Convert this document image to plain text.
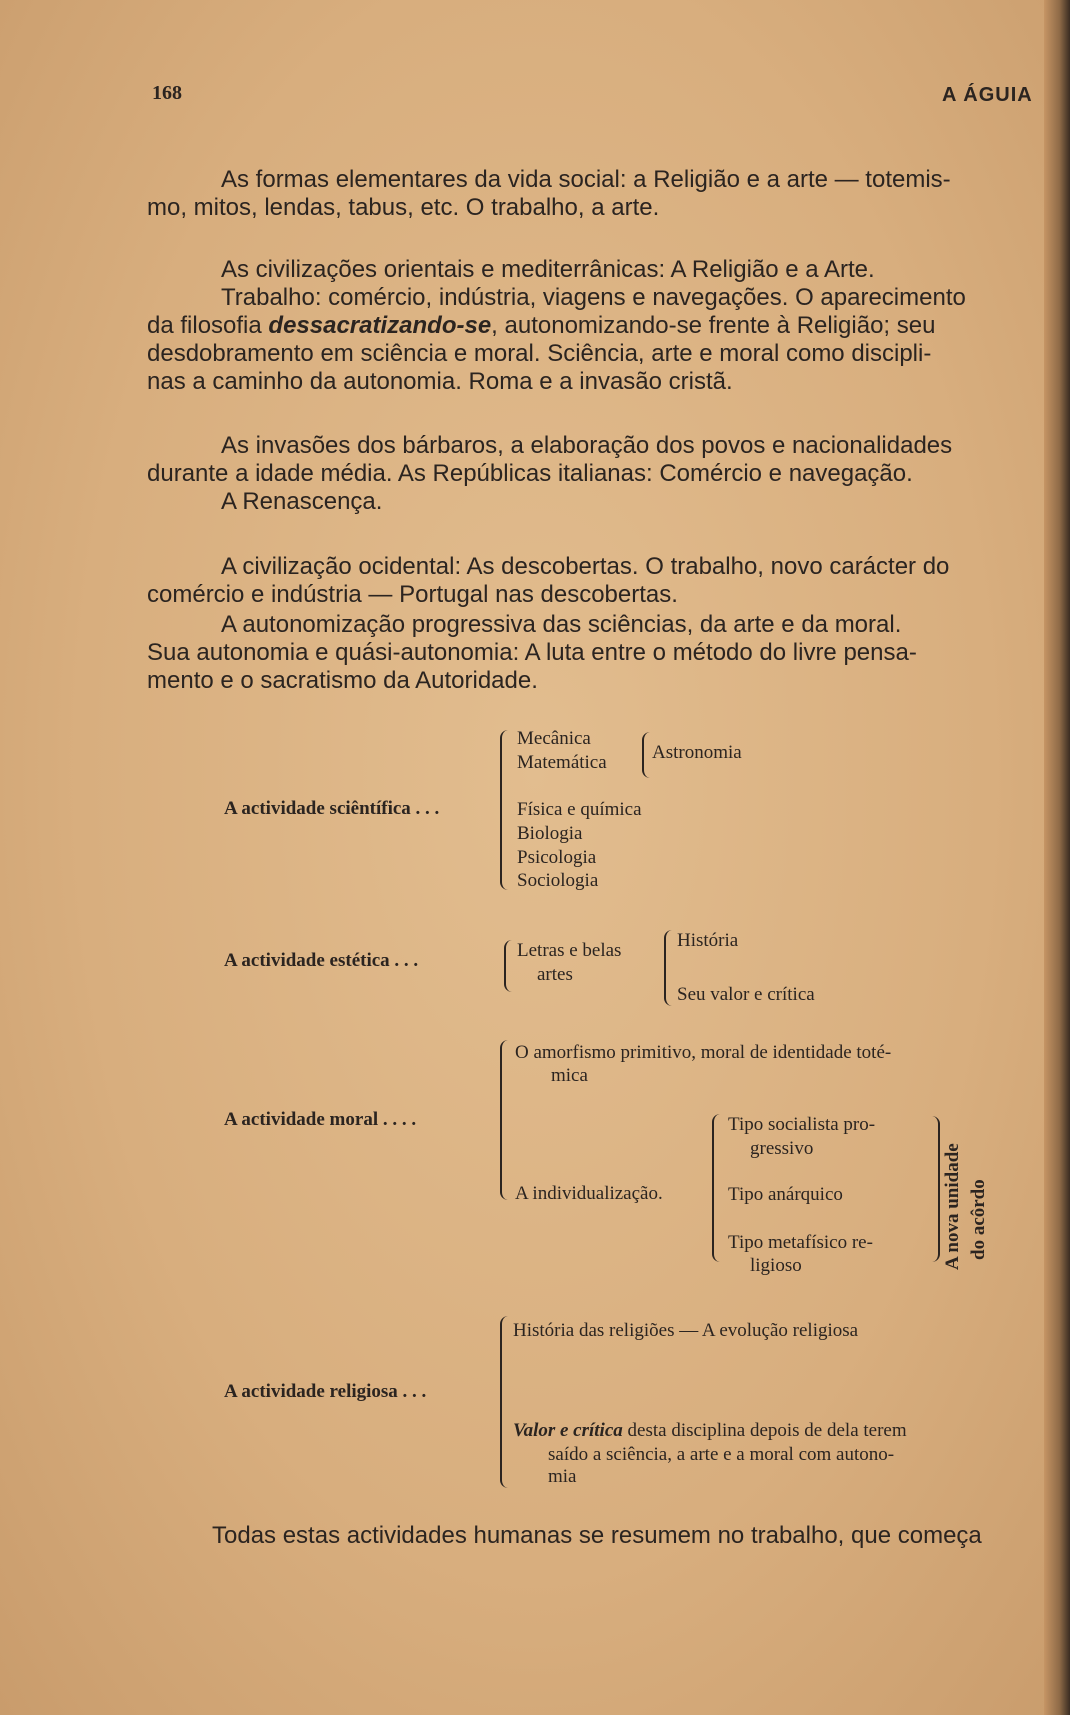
168	A ÁGUIA
As formas elementares da vida social: a Religião e a arte — totemis-
mo, mitos, lendas, tabus, etc. O trabalho, a arte.
As civilizações orientais e mediterrânicas: A Religião e a Arte.
Trabalho: comércio, indústria, viagens e navegações. O aparecimento
da filosofia dessacratizando-se, autonomizando-se frente à Religião; seu
desdobramento em sciência e moral. Sciência, arte e moral como discipli-
nas a caminho da autonomia. Roma e a invasão cristã.
As invasões dos bárbaros, a elaboração dos povos e nacionalidades
durante a idade média. As Repúblicas italianas: Comércio e navegação.
A Renascença.
A civilização ocidental: As descobertas. O trabalho, novo carácter do
comércio e indústria — Portugal nas descobertas.
A autonomização progressiva das sciências, da arte e da moral.
Sua autonomia e quási-autonomia: A luta entre o método do livre pensa-
mento e o sacratismo da Autoridade.
A actividade sciêntífica . . .
Mecânica
Matemática Astronomia
Física e química
Biologia
Psicologia
Sociologia
A actividade estética . . .	Letras e belas
artes
História
Seu valor e crítica
A actividade moral . . . .
O amorfismo primitivo, moral de identidade toté-
mica
A individualização.
Tipo socialista pro-
gressivo
Tipo anárquico
Tipo metafísico re-
ligioso	A nova unidade do acôrdo
A actividade religiosa . . .
História das religiões — A evolução religiosa
Valor e crítica desta disciplina depois de dela terem
saído a sciência, a arte e a moral com autono-
mia
Todas estas actividades humanas se resumem no trabalho, que começa
